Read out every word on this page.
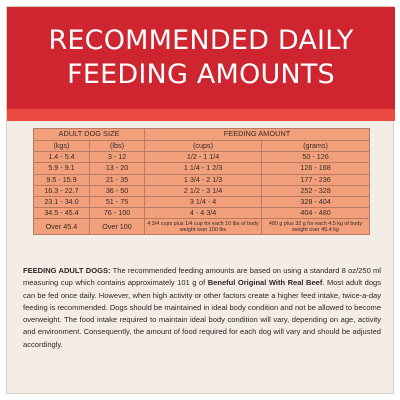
RECOMMENDED DAILY
FEEDING AMOUNTS
ADULT DOG SIZE		FEEDING AMOUNT	
(kgs)	(lbs)	(cups)	(grams)
1.4 - 5.4	3 - 12	1/2 - 1 1/4	50 - 126
5.9 - 9.1	13 - 20	1 1/4 - 1 2/3	126 - 168
9.5 - 15.9	21 - 35	1 3/4 - 2 1/3	177 - 236
16.3 - 22.7	36 - 50	2 1/2 - 3 1/4	252 - 328
23.1 - 34.0	51 - 75	3 1/4 - 4	328 - 404
34.5 - 45.4	76 - 100	4 - 4 3/4	404 - 480
Over 45.4	Over 100	4 3/4 cups plus 1/4 cup for each 10 lbs of body weight over 100 lbs	480 g plus 32 g for each 4.5 kg of body weight over 45.4 kg

FEEDING ADULT DOGS: The recommended feeding amounts are based on using a standard 8 oz/250 ml measuring cup which contains approximately 101 g of Beneful Original With Real Beef. Most adult dogs can be fed once daily. However, when high activity or other factors create a higher feed intake, twice-a-day feeding is recommended. Dogs should be maintained in ideal body condition and not be allowed to become overweight. The food intake required to maintain ideal body condition will vary, depending on age, activity and environment. Consequently, the amount of food required for each dog will vary and should be adjusted accordingly.
